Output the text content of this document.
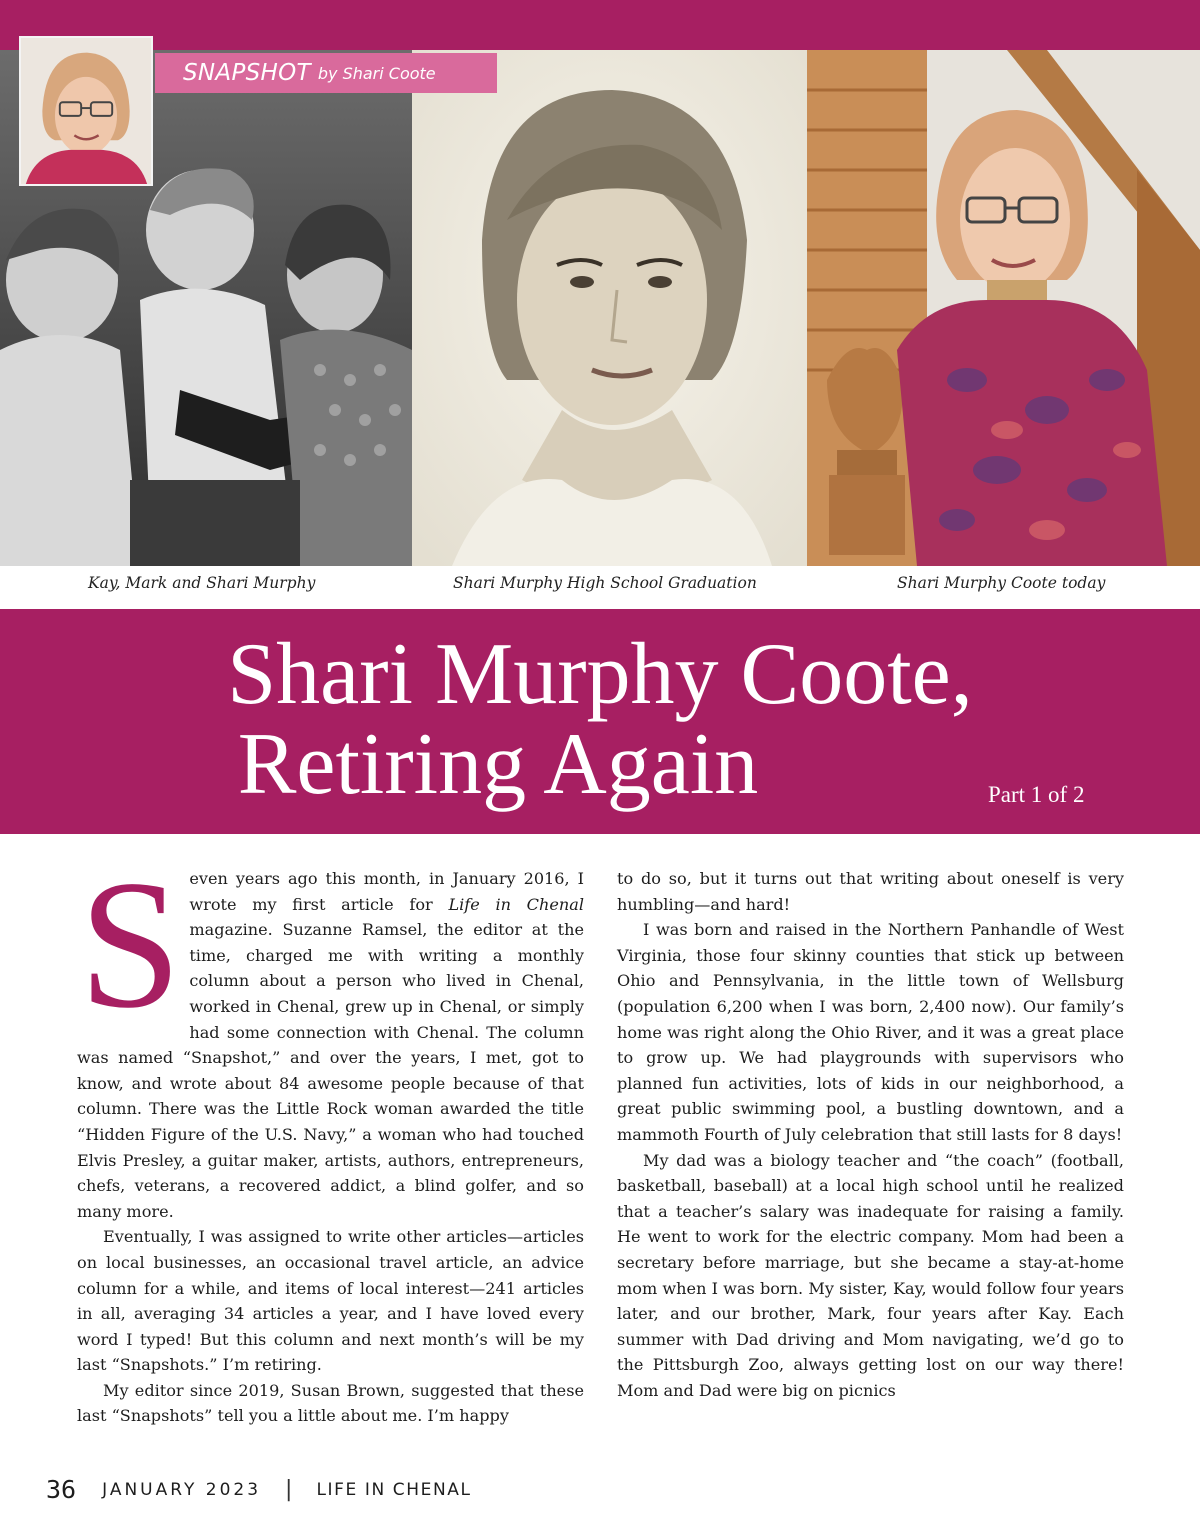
SNAPSHOT by Shari Coote
Kay, Mark and Shari Murphy	Shari Murphy High School Graduation	Shari Murphy Coote today
Shari Murphy Coote,
Retiring Again	Part 1 of 2

Seven years ago this month, in January 2016, I wrote my first article for Life in Chenal magazine. Suzanne Ramsel, the editor at the time, charged me with writing a monthly column about a person who lived in Chenal, worked in Chenal, grew up in Chenal, or simply had some connection with Chenal. The column was named “Snapshot,” and over the years, I met, got to know, and wrote about 84 awesome people because of that column. There was the Little Rock woman awarded the title “Hidden Figure of the U.S. Navy,” a woman who had touched Elvis Presley, a guitar maker, artists, authors, entrepreneurs, chefs, veterans, a recovered addict, a blind golfer, and so many more.

Eventually, I was assigned to write other articles—articles on local businesses, an occasional travel article, an advice column for a while, and items of local interest—241 articles in all, averaging 34 articles a year, and I have loved every word I typed! But this column and next month’s will be my last “Snapshots.” I’m retiring.

My editor since 2019, Susan Brown, suggested that these last “Snapshots” tell you a little about me. I’m happy

to do so, but it turns out that writing about oneself is very humbling—and hard!

I was born and raised in the Northern Panhandle of West Virginia, those four skinny counties that stick up between Ohio and Pennsylvania, in the little town of Wellsburg (population 6,200 when I was born, 2,400 now). Our family’s home was right along the Ohio River, and it was a great place to grow up. We had playgrounds with supervisors who planned fun activities, lots of kids in our neighborhood, a great public swimming pool, a bustling downtown, and a mammoth Fourth of July celebration that still lasts for 8 days!

My dad was a biology teacher and “the coach” (football, basketball, baseball) at a local high school until he realized that a teacher’s salary was inadequate for raising a family. He went to work for the electric company. Mom had been a secretary before marriage, but she became a stay-at-home mom when I was born. My sister, Kay, would follow four years later, and our brother, Mark, four years after Kay. Each summer with Dad driving and Mom navigating, we’d go to the Pittsburgh Zoo, always getting lost on our way there! Mom and Dad were big on picnics

36 JANUARY 2023 | LIFE IN CHENAL
